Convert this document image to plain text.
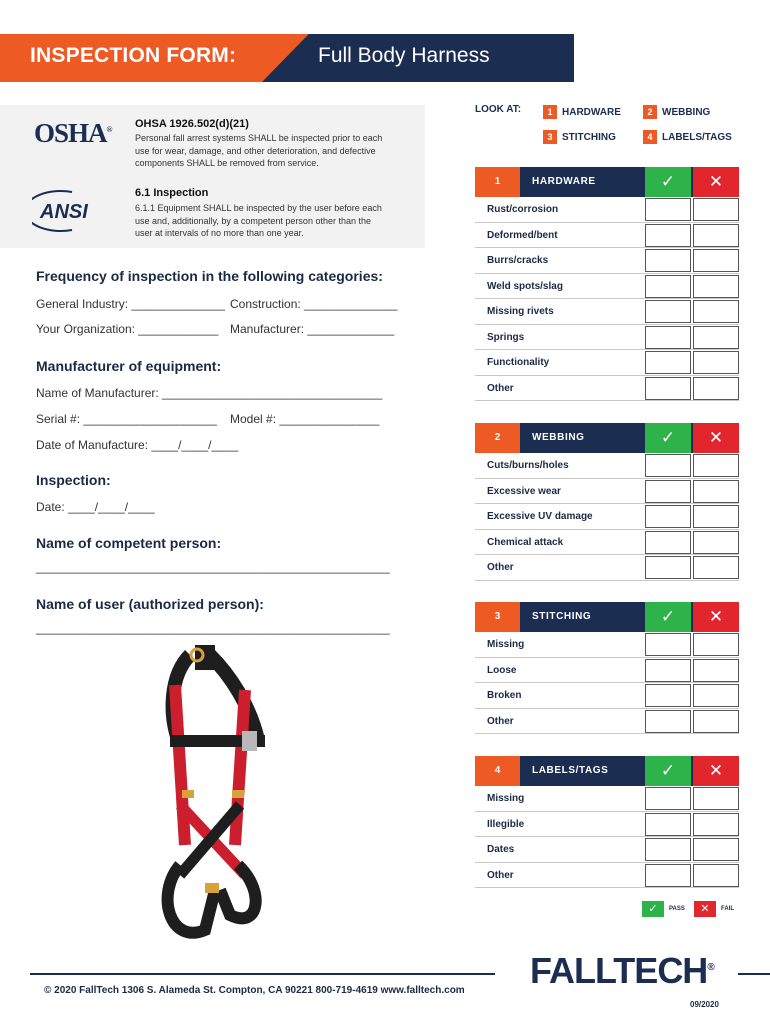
INSPECTION FORM:	Full Body Harness
OSHA® OHSA 1926.502(d)(21)
Personal fall arrest systems SHALL be inspected prior to each
use for wear, damage, and other deterioration, and defective
components SHALL be removed from service.
ANSI
6.1 Inspection
6.1.1 Equipment SHALL be inspected by the user before each
use and, additionally, by a competent person other than the
user at intervals of no more than one year.
Frequency of inspection in the following categories:
General Industry: ______________ Construction: ______________
Your Organization: ____________ Manufacturer: _____________
Manufacturer of equipment:
Name of Manufacturer: _________________________________
Serial #: ____________________ Model #: _______________
Date of Manufacture: ____/____/____
Inspection:
Date: ____/____/____
Name of competent person:
_____________________________________________________
Name of user (authorized person):
_____________________________________________________
LOOK AT:	1 HARDWARE	2 WEBBING
3 STITCHING	4 LABELS/TAGS
1	HARDWARE	✓	✕
Rust/corrosion
Deformed/bent
Burrs/cracks
Weld spots/slag
Missing rivets
Springs
Functionality
Other
2	WEBBING	✓	✕
Cuts/burns/holes
Excessive wear
Excessive UV damage
Chemical attack
Other
3	STITCHING	✓	✕
Missing
Loose
Broken
Other
4	LABELS/TAGS	✓	✕
Missing
Illegible
Dates
Other
✓	PASS	✕	FAIL
© 2020 FallTech 1306 S. Alameda St. Compton, CA 90221 800-719-4619 www.falltech.com FALLTECH®
09/2020
